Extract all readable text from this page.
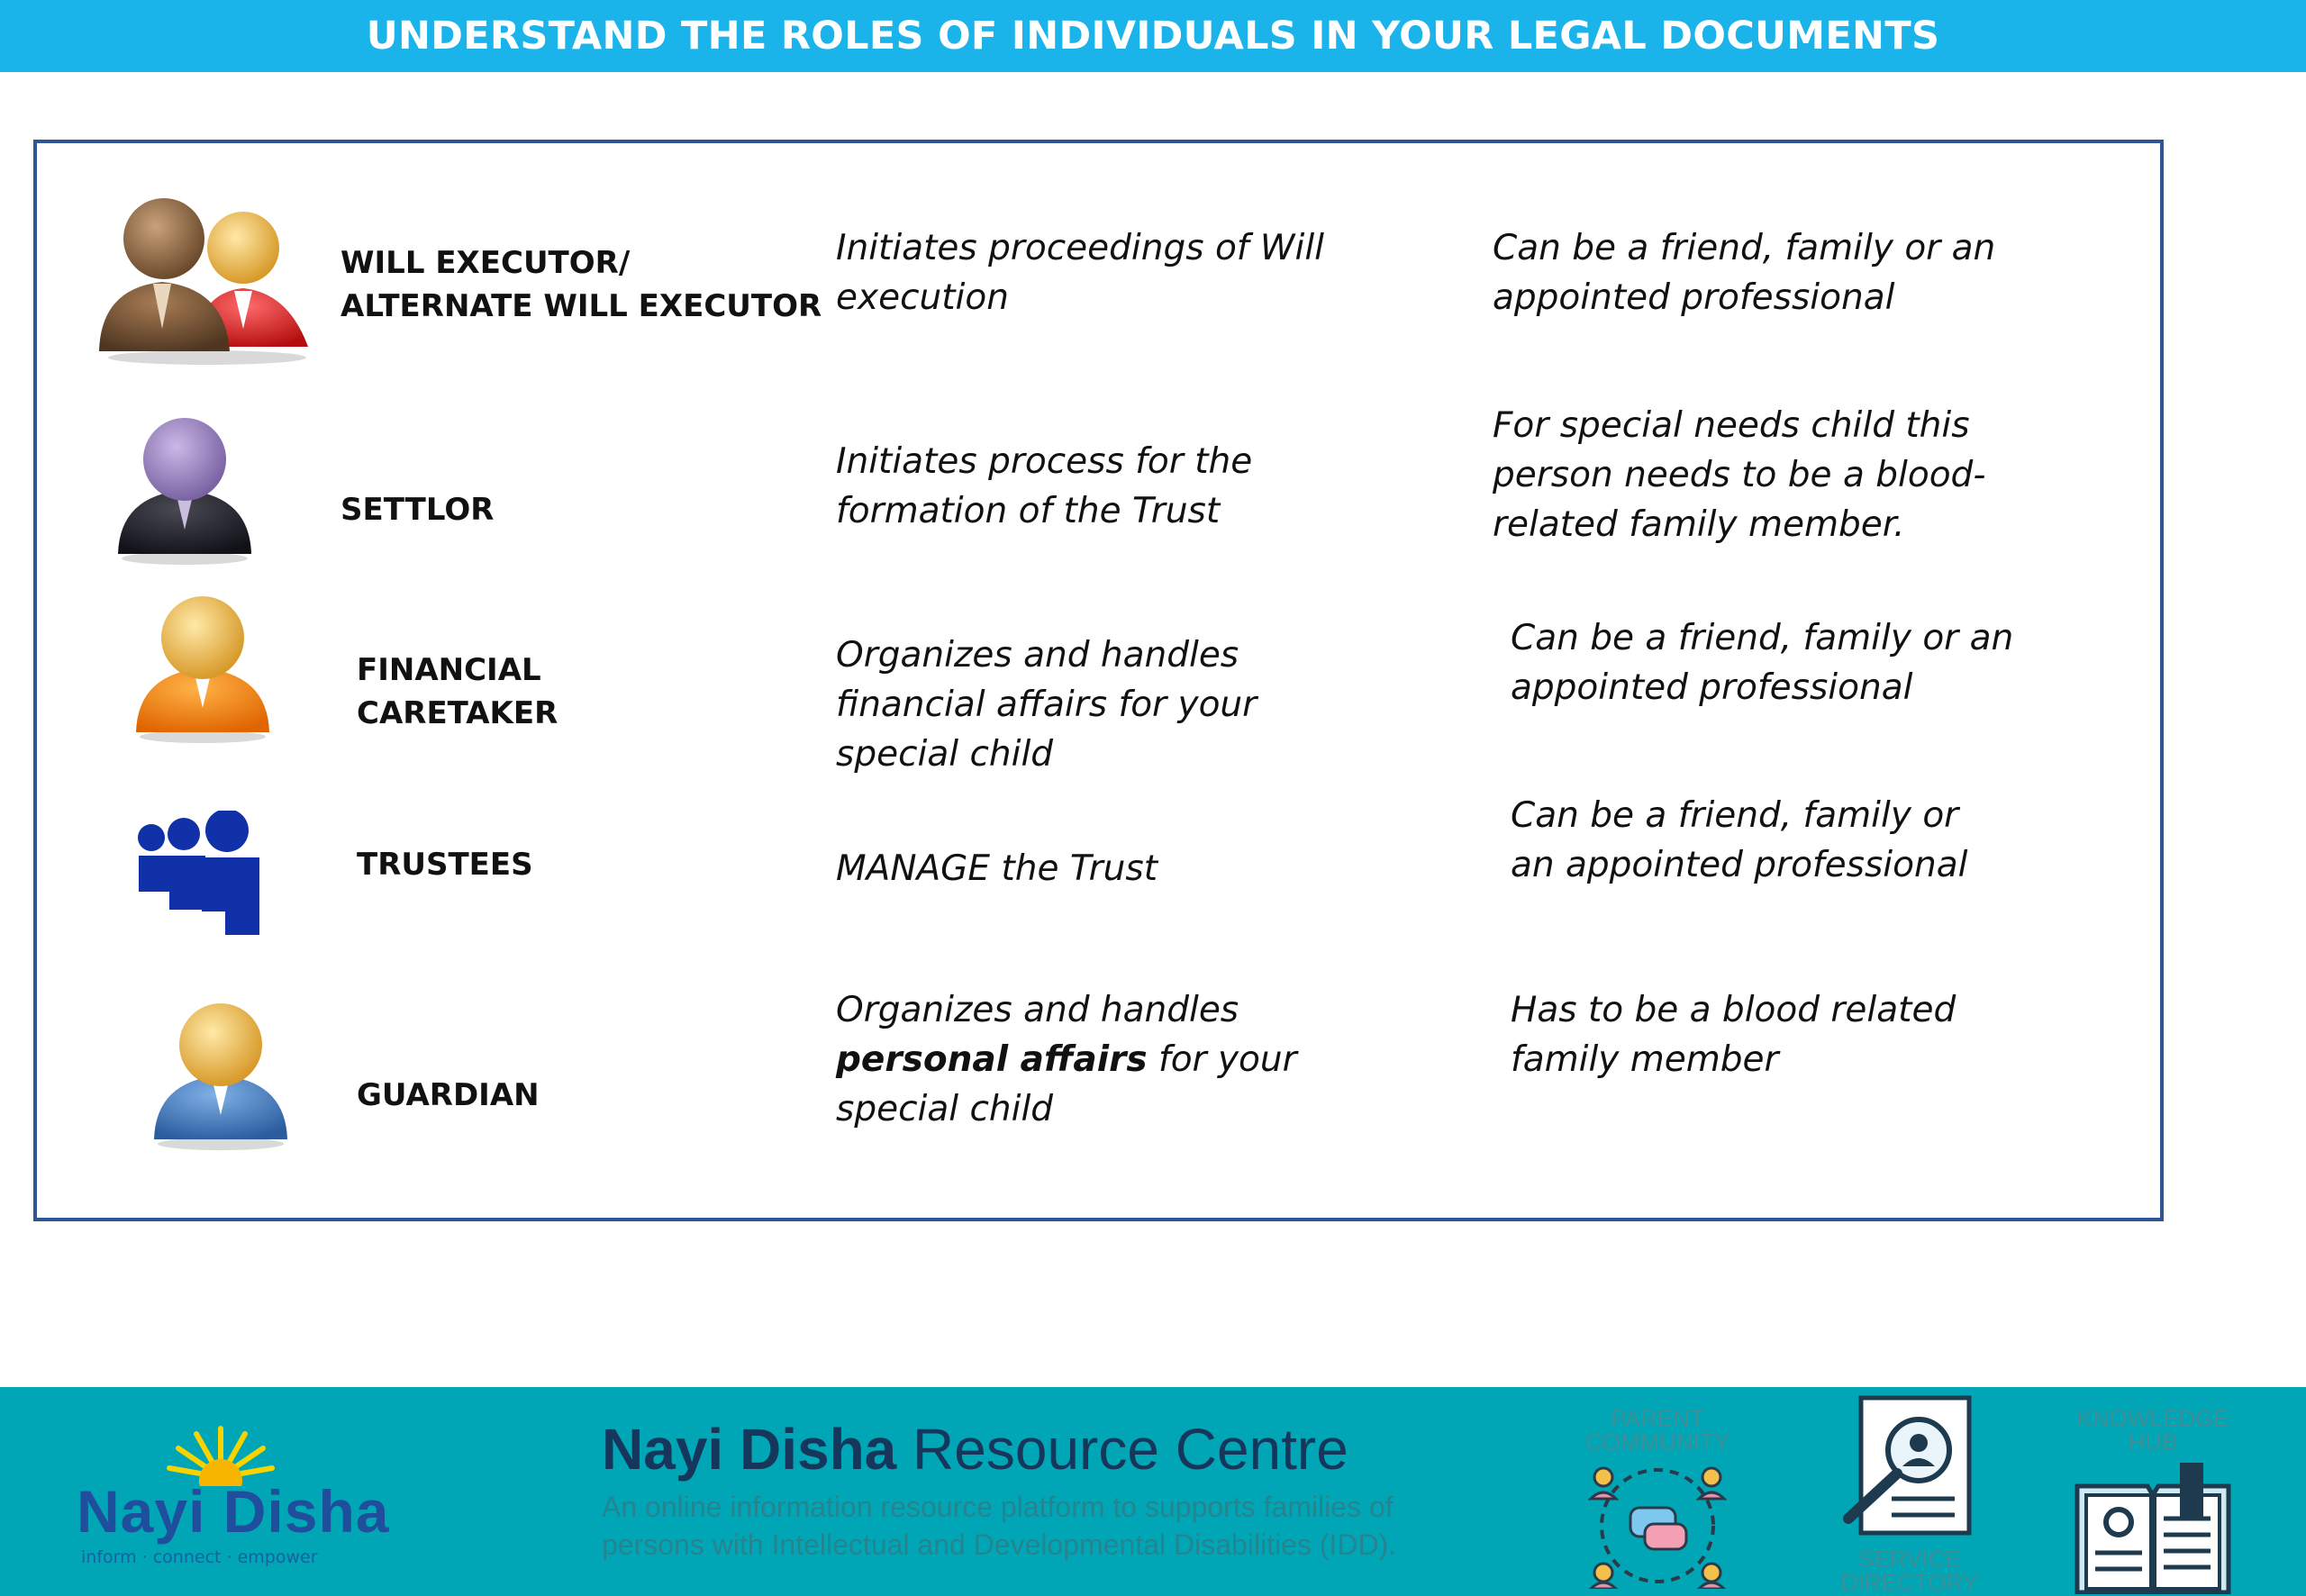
UNDERSTAND THE ROLES OF INDIVIDUALS IN YOUR LEGAL DOCUMENTS
WILL EXECUTOR/
ALTERNATE WILL EXECUTOR
Initiates proceedings of Will
execution
Can be a friend, family or an
appointed professional
SETTLOR
Initiates process for the
formation of the Trust
For special needs child this
person needs to be a blood-
related family member.
FINANCIAL
CARETAKER
Organizes and handles
financial affairs for your
special child
Can be a friend, family or an
appointed professional
TRUSTEES	MANAGE the Trust
Can be a friend, family or
an appointed professional
GUARDIAN
Organizes and handles
personal affairs for your
special child
Has to be a blood related
family member
Nayi Disha
inform · connect · empower
Nayi Disha Resource Centre
An online information resource platform to supports families of
persons with Intellectual and Developmental Disabilities (IDD).
PARENT
COMMUNITY
SERVICE
DIRECTORY
KNOWLEDGE
HUB
